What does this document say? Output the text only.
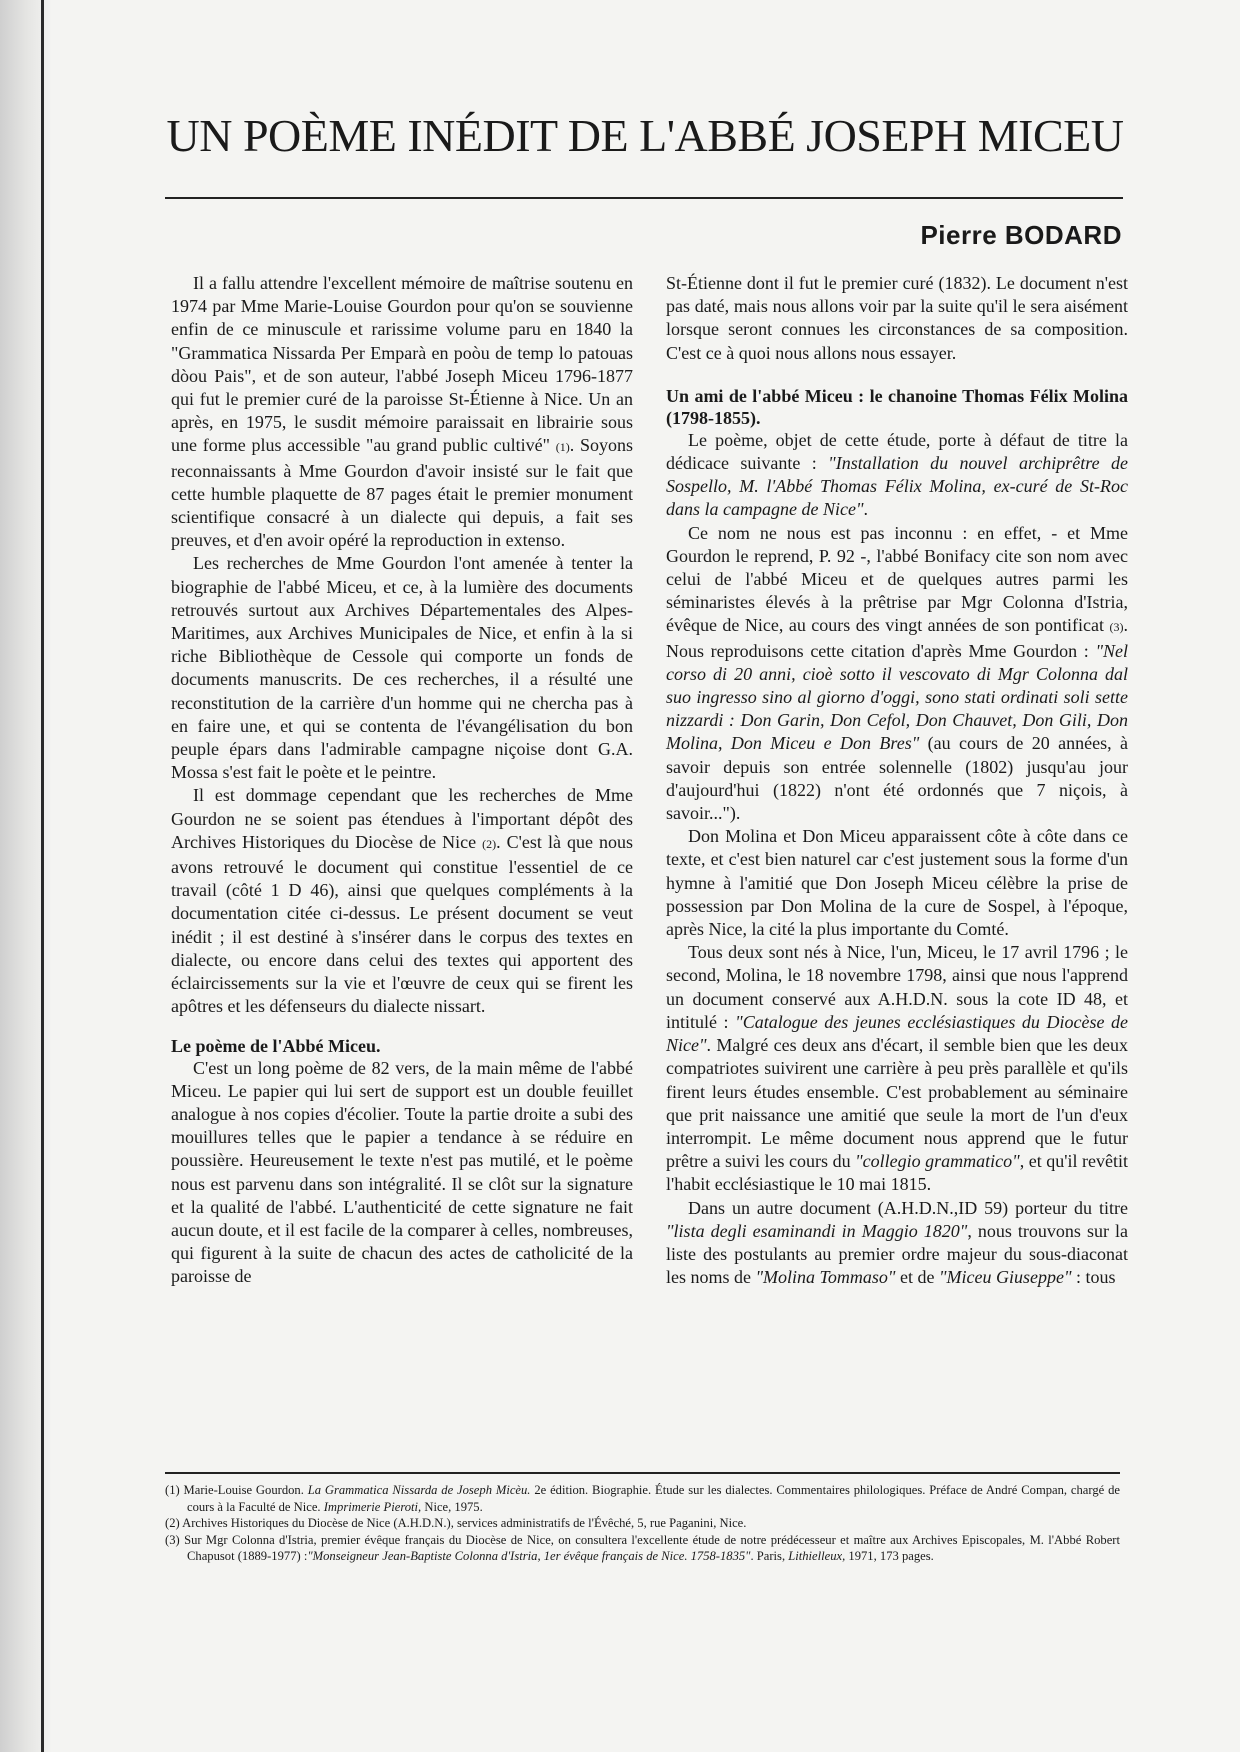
UN POÈME INÉDIT DE L'ABBÉ JOSEPH MICEU
Pierre BODARD

Il a fallu attendre l'excellent mémoire de maîtrise soutenu en 1974 par Mme Marie-Louise Gourdon pour qu'on se souvienne enfin de ce minuscule et rarissime volume paru en 1840 la "Grammatica Nissarda Per Emparà en poòu de temp lo patouas dòou Pais", et de son auteur, l'abbé Joseph Miceu 1796-1877 qui fut le premier curé de la paroisse St-Étienne à Nice. Un an après, en 1975, le susdit mémoire paraissait en librairie sous une forme plus accessible "au grand public cultivé" (1). Soyons reconnaissants à Mme Gourdon d'avoir insisté sur le fait que cette humble plaquette de 87 pages était le premier monument scientifique consacré à un dialecte qui depuis, a fait ses preuves, et d'en avoir opéré la reproduction in extenso.

Les recherches de Mme Gourdon l'ont amenée à tenter la biographie de l'abbé Miceu, et ce, à la lumière des documents retrouvés surtout aux Archives Départementales des Alpes-Maritimes, aux Archives Municipales de Nice, et enfin à la si riche Bibliothèque de Cessole qui comporte un fonds de documents manuscrits. De ces recherches, il a résulté une reconstitution de la carrière d'un homme qui ne chercha pas à en faire une, et qui se contenta de l'évangélisation du bon peuple épars dans l'admirable campagne niçoise dont G.A. Mossa s'est fait le poète et le peintre.

Il est dommage cependant que les recherches de Mme Gourdon ne se soient pas étendues à l'important dépôt des Archives Historiques du Diocèse de Nice (2). C'est là que nous avons retrouvé le document qui constitue l'essentiel de ce travail (côté 1 D 46), ainsi que quelques compléments à la documentation citée ci-dessus. Le présent document se veut inédit ; il est destiné à s'insérer dans le corpus des textes en dialecte, ou encore dans celui des textes qui apportent des éclaircissements sur la vie et l'œuvre de ceux qui se firent les apôtres et les défenseurs du dialecte nissart.

Le poème de l'Abbé Miceu.

C'est un long poème de 82 vers, de la main même de l'abbé Miceu. Le papier qui lui sert de support est un double feuillet analogue à nos copies d'écolier. Toute la partie droite a subi des mouillures telles que le papier a tendance à se réduire en poussière. Heureusement le texte n'est pas mutilé, et le poème nous est parvenu dans son intégralité. Il se clôt sur la signature et la qualité de l'abbé. L'authenticité de cette signature ne fait aucun doute, et il est facile de la comparer à celles, nombreuses, qui figurent à la suite de chacun des actes de catholicité de la paroisse de

St-Étienne dont il fut le premier curé (1832). Le document n'est pas daté, mais nous allons voir par la suite qu'il le sera aisément lorsque seront connues les circonstances de sa composition. C'est ce à quoi nous allons nous essayer.

Un ami de l'abbé Miceu : le chanoine Thomas Félix Molina (1798-1855).

Le poème, objet de cette étude, porte à défaut de titre la dédicace suivante : "Installation du nouvel archiprêtre de Sospello, M. l'Abbé Thomas Félix Molina, ex-curé de St-Roc dans la campagne de Nice".

Ce nom ne nous est pas inconnu : en effet, - et Mme Gourdon le reprend, P. 92 -, l'abbé Bonifacy cite son nom avec celui de l'abbé Miceu et de quelques autres parmi les séminaristes élevés à la prêtrise par Mgr Colonna d'Istria, évêque de Nice, au cours des vingt années de son pontificat (3). Nous reproduisons cette citation d'après Mme Gourdon : "Nel corso di 20 anni, cioè sotto il vescovato di Mgr Colonna dal suo ingresso sino al giorno d'oggi, sono stati ordinati soli sette nizzardi : Don Garin, Don Cefol, Don Chauvet, Don Gili, Don Molina, Don Miceu e Don Bres" (au cours de 20 années, à savoir depuis son entrée solennelle (1802) jusqu'au jour d'aujourd'hui (1822) n'ont été ordonnés que 7 niçois, à savoir...").

Don Molina et Don Miceu apparaissent côte à côte dans ce texte, et c'est bien naturel car c'est justement sous la forme d'un hymne à l'amitié que Don Joseph Miceu célèbre la prise de possession par Don Molina de la cure de Sospel, à l'époque, après Nice, la cité la plus importante du Comté.

Tous deux sont nés à Nice, l'un, Miceu, le 17 avril 1796 ; le second, Molina, le 18 novembre 1798, ainsi que nous l'apprend un document conservé aux A.H.D.N. sous la cote ID 48, et intitulé : "Catalogue des jeunes ecclésiastiques du Diocèse de Nice". Malgré ces deux ans d'écart, il semble bien que les deux compatriotes suivirent une carrière à peu près parallèle et qu'ils firent leurs études ensemble. C'est probablement au séminaire que prit naissance une amitié que seule la mort de l'un d'eux interrompit. Le même document nous apprend que le futur prêtre a suivi les cours du "collegio grammatico", et qu'il revêtit l'habit ecclésiastique le 10 mai 1815.

Dans un autre document (A.H.D.N.,ID 59) porteur du titre "lista degli esaminandi in Maggio 1820", nous trouvons sur la liste des postulants au premier ordre majeur du sous-diaconat les noms de "Molina Tommaso" et de "Miceu Giuseppe" : tous

(1) Marie-Louise Gourdon. La Grammatica Nissarda de Joseph Micèu. 2e édition. Biographie. Étude sur les dialectes. Commentaires philologiques. Préface de André Compan, chargé de cours à la Faculté de Nice. Imprimerie Pieroti, Nice, 1975.

(2) Archives Historiques du Diocèse de Nice (A.H.D.N.), services administratifs de l'Évêché, 5, rue Paganini, Nice.

(3) Sur Mgr Colonna d'Istria, premier évêque français du Diocèse de Nice, on consultera l'excellente étude de notre prédécesseur et maître aux Archives Episcopales, M. l'Abbé Robert Chapusot (1889-1977) :"Monseigneur Jean-Baptiste Colonna d'Istria, 1er évêque français de Nice. 1758-1835". Paris, Lithielleux, 1971, 173 pages.
